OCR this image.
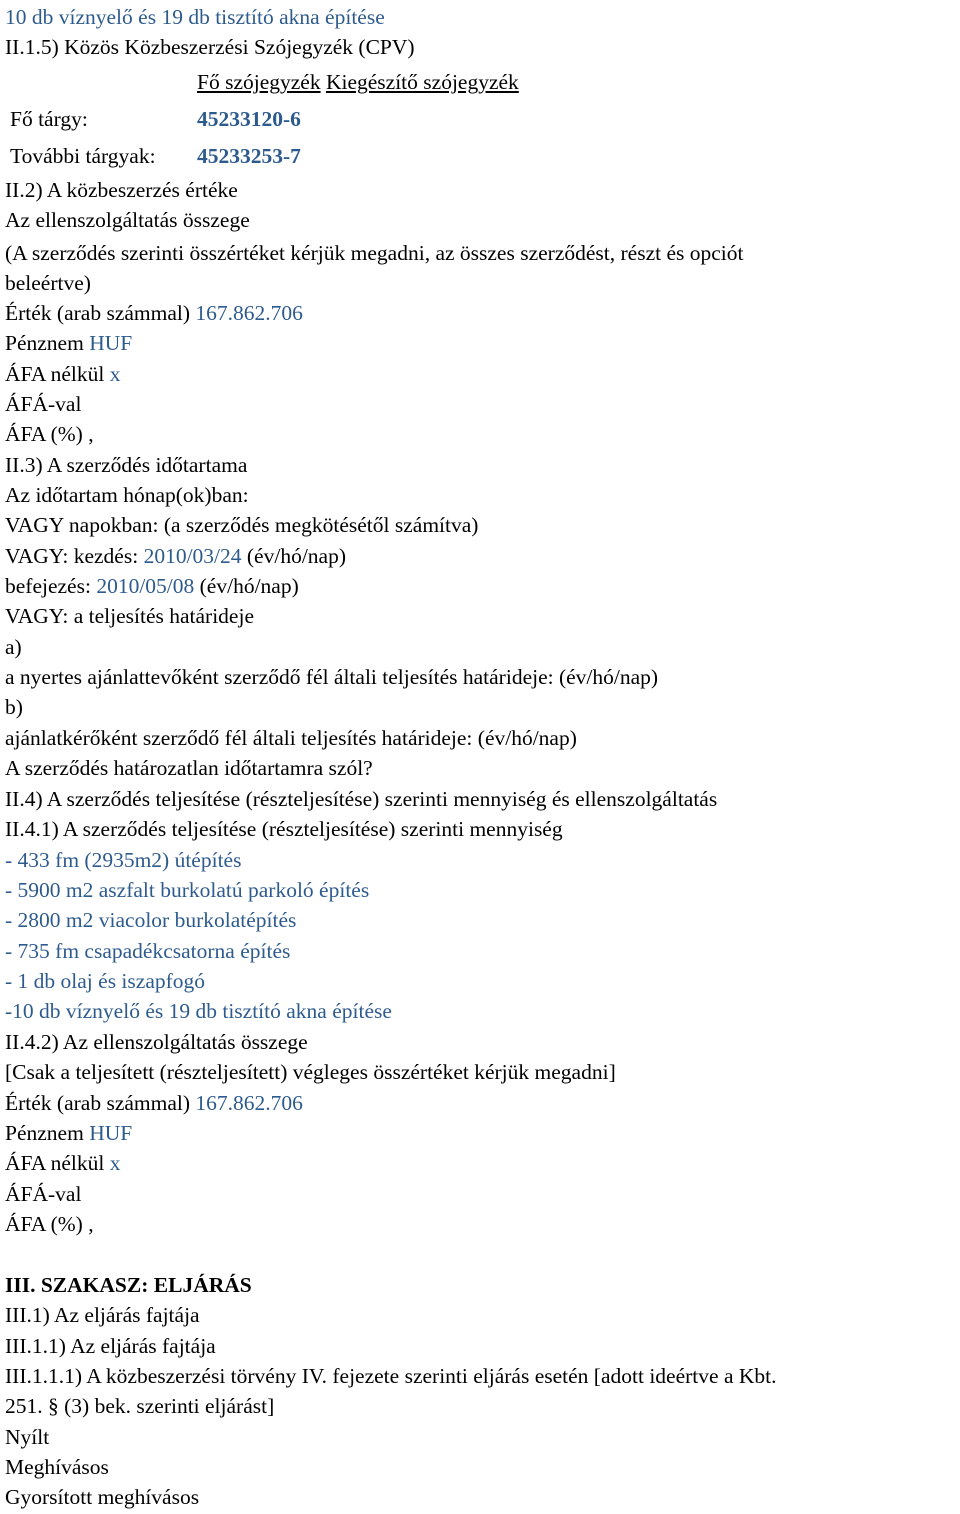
10 db víznyelő és 19 db tisztító akna építése
II.1.5) Közös Közbeszerzési Szójegyzék (CPV)
Fő szójegyzék Kiegészítő szójegyzék
Fő tárgy:	45233120-6
További tárgyak: 45233253-7
II.2) A közbeszerzés értéke
Az ellenszolgáltatás összege
(A szerződés szerinti összértéket kérjük megadni, az összes szerződést, részt és opciót
beleértve)
Érték (arab számmal) 167.862.706
Pénznem HUF
ÁFA nélkül x
ÁFÁ-val
ÁFA (%) ,
II.3) A szerződés időtartama
Az időtartam hónap(ok)ban:
VAGY napokban: (a szerződés megkötésétől számítva)
VAGY: kezdés: 2010/03/24 (év/hó/nap)
befejezés: 2010/05/08 (év/hó/nap)
VAGY: a teljesítés határideje
a)
a nyertes ajánlattevőként szerződő fél általi teljesítés határideje: (év/hó/nap)
b)
ajánlatkérőként szerződő fél általi teljesítés határideje: (év/hó/nap)
A szerződés határozatlan időtartamra szól?
II.4) A szerződés teljesítése (részteljesítése) szerinti mennyiség és ellenszolgáltatás
II.4.1) A szerződés teljesítése (részteljesítése) szerinti mennyiség
- 433 fm (2935m2) útépítés
- 5900 m2 aszfalt burkolatú parkoló építés
- 2800 m2 viacolor burkolatépítés
- 735 fm csapadékcsatorna építés
- 1 db olaj és iszapfogó
-10 db víznyelő és 19 db tisztító akna építése
II.4.2) Az ellenszolgáltatás összege
[Csak a teljesített (részteljesített) végleges összértéket kérjük megadni]
Érték (arab számmal) 167.862.706
Pénznem HUF
ÁFA nélkül x
ÁFÁ-val
ÁFA (%) ,
III. SZAKASZ: ELJÁRÁS
III.1) Az eljárás fajtája
III.1.1) Az eljárás fajtája
III.1.1.1) A közbeszerzési törvény IV. fejezete szerinti eljárás esetén [adott ideértve a Kbt.
251. § (3) bek. szerinti eljárást]
Nyílt
Meghívásos
Gyorsított meghívásos
